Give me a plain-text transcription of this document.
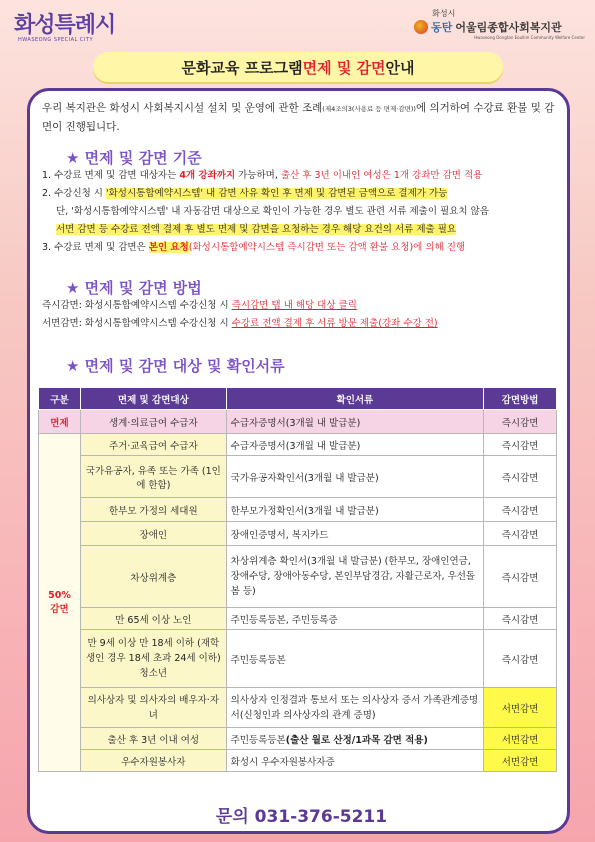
화성특례시
HWASEONG SPECIAL CITY
화성시
동탄 어울림종합사회복지관
Hwaseong Dongtan Eoullim Community Welfare Center
문화교육 프로그램 면제 및 감면 안내
우리 복지관은 화성시 사회복지시설 설치 및 운영에 관한 조례(제4조의3(사용료 등 면제·감면))에 의거하여 수강료 환불 및 감면이 진행됩니다.
★ 면제 및 감면 기준
1. 수강료 면제 및 감면 대상자는 4개 강좌까지 가능하며, 출산 후 3년 이내인 여성은 1개 강좌만 감면 적용
2. 수강신청 시 '화성시통합예약시스템' 내 감면 사유 확인 후 면제 및 감면된 금액으로 결제가 가능
단, '화성시통합예약시스템' 내 자동감면 대상으로 확인이 가능한 경우 별도 관련 서류 제출이 필요치 않음
서면 감면 등 수강료 전액 결제 후 별도 면제 및 감면을 요청하는 경우 해당 요건의 서류 제출 필요
3. 수강료 면제 및 감면은 본인 요청(화성시통합예약시스템 즉시감면 또는 감액 환불 요청)에 의해 진행
★ 면제 및 감면 방법
즉시감면: 화성시통합예약시스템 수강신청 시 즉시감면 탭 내 해당 대상 클릭
서면감면: 화성시통합예약시스템 수강신청 시 수강료 전액 결제 후 서류 방문 제출(강좌 수강 전)
★ 면제 및 감면 대상 및 확인서류
구분	면제 및 감면대상	확인서류	감면방법
면제	생계·의료급여 수급자	수급자증명서(3개월 내 발급분)	즉시감면

50%
감면	주거·교육급여 수급자	수급자증명서(3개월 내 발급분)	즉시감면
	국가유공자, 유족 또는 가족 (1인에 한함)	국가유공자확인서(3개월 내 발급분)	즉시감면
	한부모 가정의 세대원	한부모가정확인서(3개월 내 발급분)	즉시감면
	장애인	장애인증명서, 복지카드	즉시감면
	차상위계층	차상위계층 확인서(3개월 내 발급분) (한부모, 장애인연금, 장애수당, 장애아동수당, 본인부담경감, 자활근로자, 우선돌봄 등)	즉시감면
	만 65세 이상 노인	주민등록등본, 주민등록증	즉시감면
	만 9세 이상 만 18세 이하 (재학생인 경우 18세 초과 24세 이하)청소년	주민등록등본	즉시감면
	의사상자 및 의사자의 배우자·자녀	의사상자 인정결과 통보서 또는 의사상자 증서 가족관계증명서(신청인과 의사상자의 관계 증명)	서면감면
	출산 후 3년 이내 여성	주민등록등본(출산 월로 산정/1과목 감면 적용)	서면감면
	우수자원봉사자	화성시 우수자원봉사자증	서면감면
문의 031-376-5211
